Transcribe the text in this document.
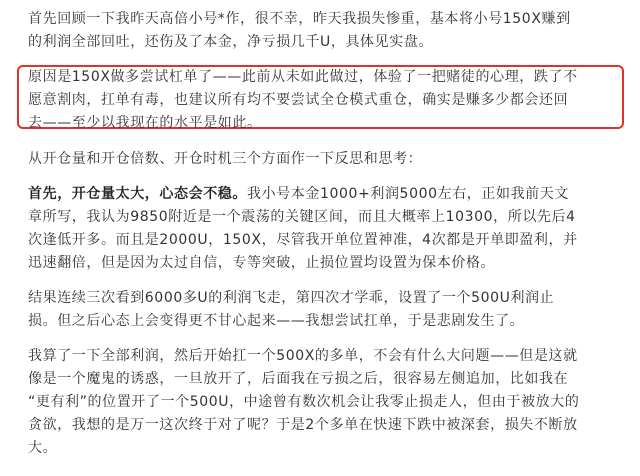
首先回顾一下我昨天高倍小号*作，很不幸，昨天我损失惨重，基本将小号150X赚到
的利润全部回吐，还伤及了本金，净亏损几千U，具体见实盘。
原因是150X做多尝试杠单了——此前从未如此做过，体验了一把赌徒的心理，跌了不
愿意割肉，扛单有毒，也建议所有均不要尝试全仓模式重仓，确实是赚多少都会还回
去——至少以我现在的水平是如此。
从开仓量和开仓倍数、开仓时机三个方面作一下反思和思考：
首先，开仓量太大，心态会不稳。我小号本金1000+利润5000左右，正如我前天文
章所写，我认为9850附近是一个震荡的关键区间，而且大概率上10300，所以先后4
次逢低开多。而且是2000U，150X，尽管我开单位置神准，4次都是开单即盈利，并
迅速翻倍，但是因为太过自信，专等突破，止损位置均设置为保本价格。
结果连续三次看到6000多U的利润飞走，第四次才学乖，设置了一个500U利润止
损。但之后心态上会变得更不甘心起来——我想尝试扛单，于是悲剧发生了。
我算了一下全部利润，然后开始扛一个500X的多单，不会有什么大问题——但是这就
像是一个魔鬼的诱惑，一旦放开了，后面我在亏损之后，很容易左侧追加，比如我在
“更有利”的位置开了一个500U，中途曾有数次机会让我零止损走人，但由于被放大的
贪欲，我想的是万一这次终于对了呢？于是2个多单在快速下跌中被深套，损失不断放
大。
